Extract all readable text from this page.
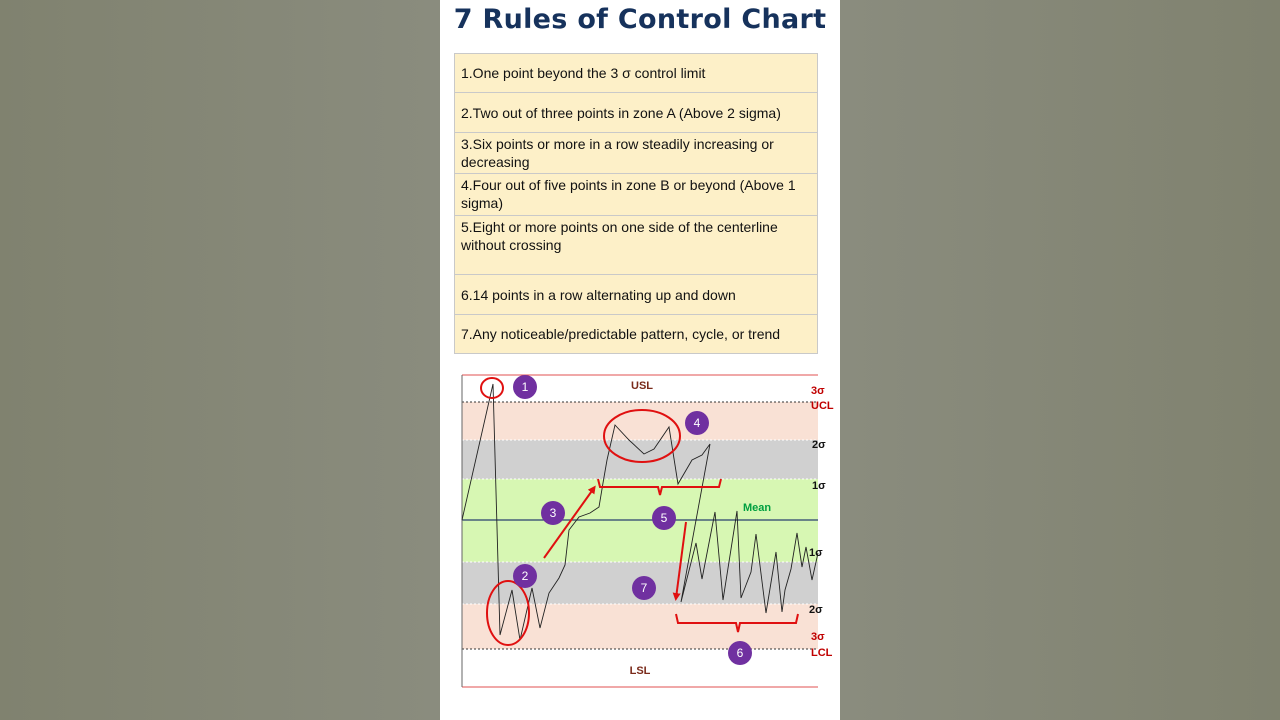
7 Rules of Control Chart
1.One point beyond the 3 σ control limit
2.Two out of three points in zone A (Above 2 sigma)
3.Six points or more in a row steadily increasing or decreasing
4.Four out of five points in zone B or beyond (Above 1 sigma)
5.Eight or more points on one side of the centerline without crossing
6.14 points in a row alternating up and down
7.Any noticeable/predictable pattern, cycle, or trend
1
2
3
4
5
6
7
USL
LSL
Mean
3σ
UCL
2σ
1σ
1σ
2σ
3σ
LCL
